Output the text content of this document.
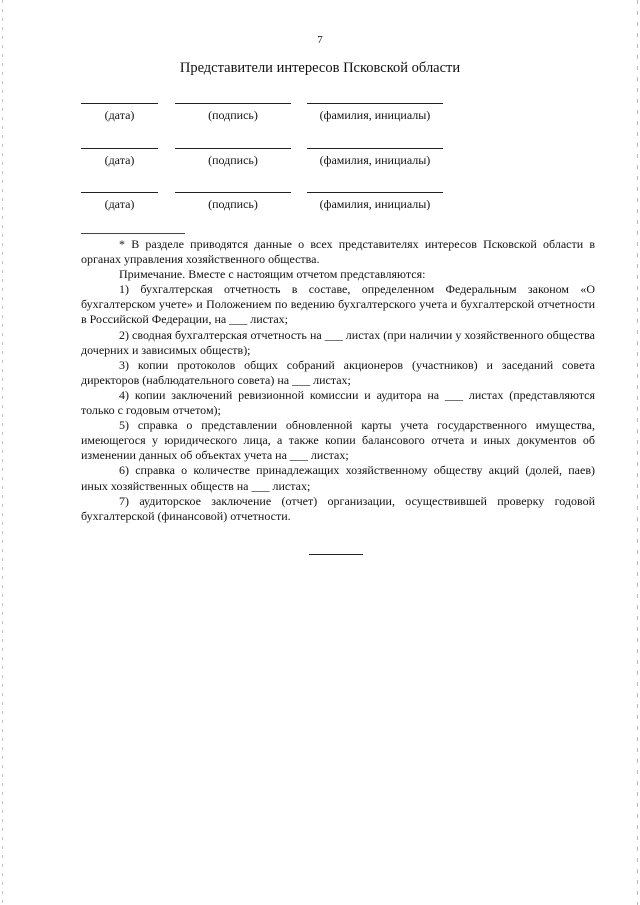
7
Представители интересов Псковской области
(дата)	(подпись)	(фамилия, инициалы)
(дата)	(подпись)	(фамилия, инициалы)
(дата)	(подпись)	(фамилия, инициалы)

* В разделе приводятся данные о всех представителях интересов Псковской области в органах управления хозяйственного общества.

Примечание. Вместе с настоящим отчетом представляются:

1) бухгалтерская отчетность в составе, определенном Федеральным законом «О бухгалтерском учете» и Положением по ведению бухгалтерского учета и бухгалтерской отчетности в Российской Федерации, на ___ листах;

2) сводная бухгалтерская отчетность на ___ листах (при наличии у хозяйственного общества дочерних и зависимых обществ);

3) копии протоколов общих собраний акционеров (участников) и заседаний совета директоров (наблюдательного совета) на ___ листах;

4) копии заключений ревизионной комиссии и аудитора на ___ листах (представляются только с годовым отчетом);

5) справка о представлении обновленной карты учета государственного имущества, имеющегося у юридического лица, а также копии балансового отчета и иных документов об изменении данных об объектах учета на ___ листах;

6) справка о количестве принадлежащих хозяйственному обществу акций (долей, паев) иных хозяйственных обществ на ___ листах;

7) аудиторское заключение (отчет) организации, осуществившей проверку годовой бухгалтерской (финансовой) отчетности.
